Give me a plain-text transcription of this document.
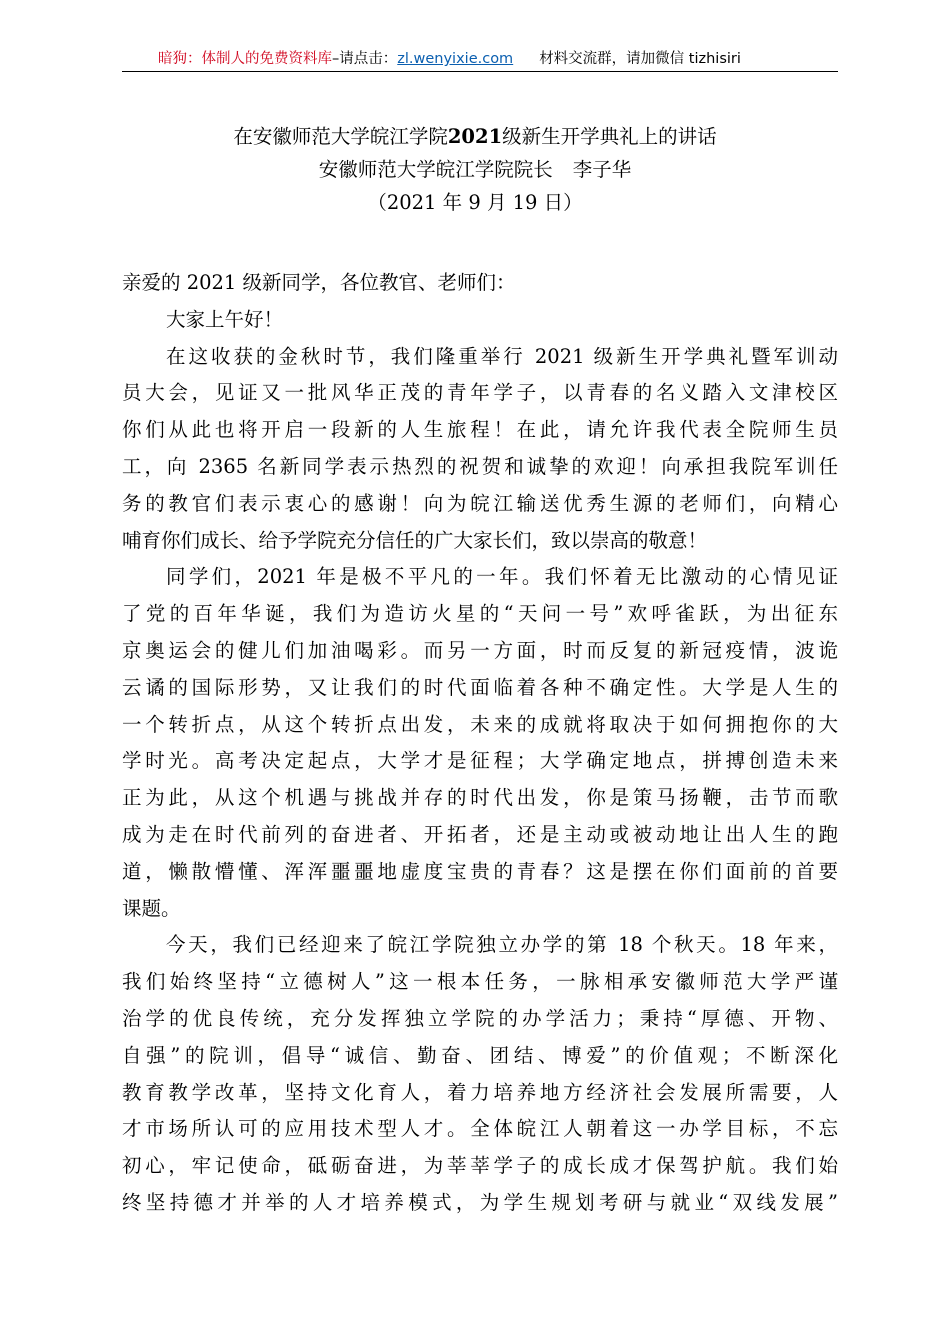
暗狗：体制人的免费资料库–请点击：zl.wenyixie.com 材料交流群，请加微信 tizhisiri
在安徽师范大学皖江学院2021级新生开学典礼上的讲话
安徽师范大学皖江学院院长 李子华
（2021 年 9 月 19 日）
亲爱的 2021 级新同学，各位教官、老师们：
大家上午好！
在这收获的金秋时节，我们隆重举行 2021 级新生开学典礼暨军训动
员大会，见证又一批风华正茂的青年学子，以青春的名义踏入文津校区
你们从此也将开启一段新的人生旅程！在此，请允许我代表全院师生员
工，向 2365 名新同学表示热烈的祝贺和诚挚的欢迎！向承担我院军训任
务的教官们表示衷心的感谢！向为皖江输送优秀生源的老师们，向精心
哺育你们成长、给予学院充分信任的广大家长们，致以崇高的敬意！
同学们，2021 年是极不平凡的一年。我们怀着无比激动的心情见证
了党的百年华诞，我们为造访火星的“天问一号”欢呼雀跃，为出征东
京奥运会的健儿们加油喝彩。而另一方面，时而反复的新冠疫情，波诡
云谲的国际形势，又让我们的时代面临着各种不确定性。大学是人生的
一个转折点，从这个转折点出发，未来的成就将取决于如何拥抱你的大
学时光。高考决定起点，大学才是征程；大学确定地点，拼搏创造未来
正为此，从这个机遇与挑战并存的时代出发，你是策马扬鞭，击节而歌
成为走在时代前列的奋进者、开拓者，还是主动或被动地让出人生的跑
道，懒散懵懂、浑浑噩噩地虚度宝贵的青春？这是摆在你们面前的首要
课题。
今天，我们已经迎来了皖江学院独立办学的第 18 个秋天。18 年来，
我们始终坚持“立德树人”这一根本任务，一脉相承安徽师范大学严谨
治学的优良传统，充分发挥独立学院的办学活力；秉持“厚德、开物、
自强”的院训，倡导“诚信、勤奋、团结、博爱”的价值观；不断深化
教育教学改革，坚持文化育人，着力培养地方经济社会发展所需要，人
才市场所认可的应用技术型人才。全体皖江人朝着这一办学目标，不忘
初心，牢记使命，砥砺奋进，为莘莘学子的成长成才保驾护航。我们始
终坚持德才并举的人才培养模式，为学生规划考研与就业“双线发展”
